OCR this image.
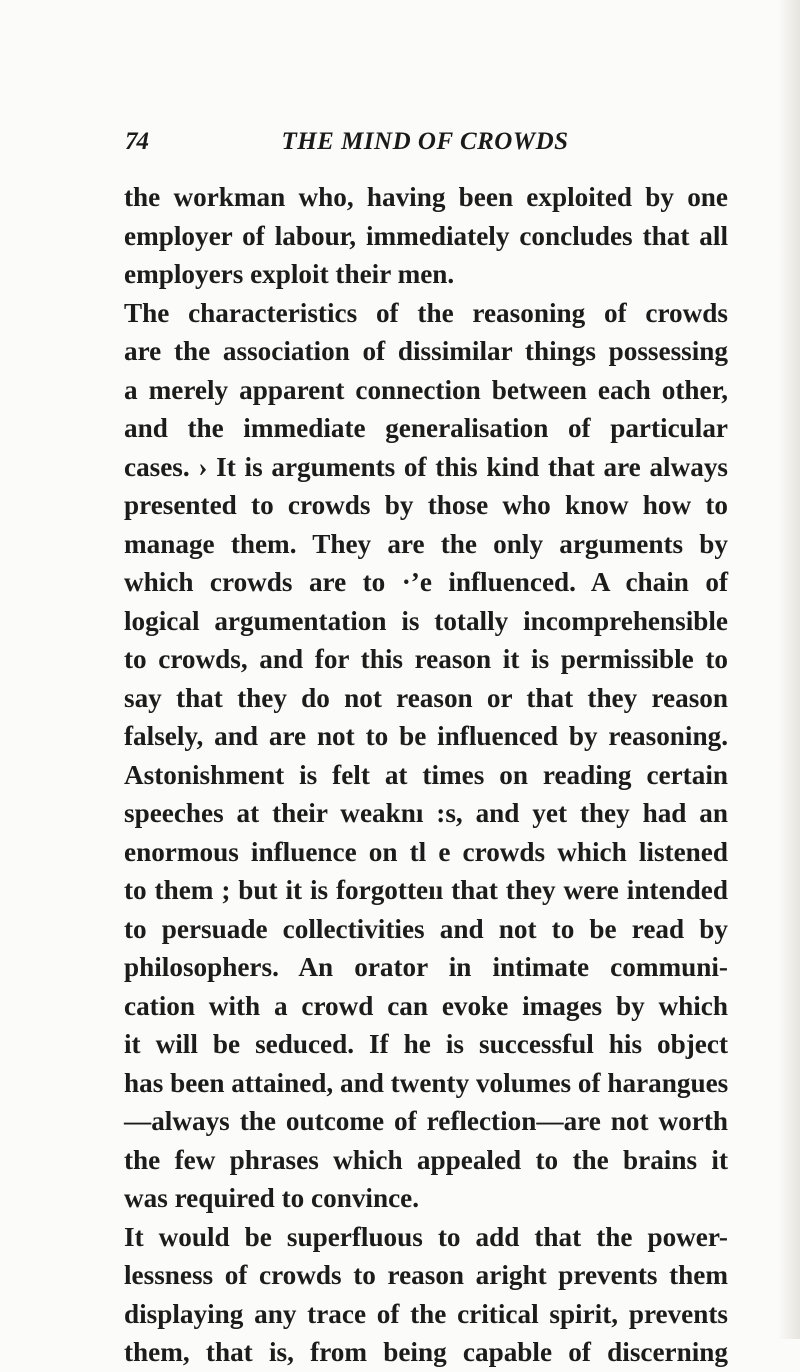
74	THE MIND OF CROWDS
the workman who, having been exploited by one
employer of labour, immediately concludes that all
employers exploit their men.
The characteristics of the reasoning of crowds
are the association of dissimilar things possessing
a merely apparent connection between each other,
and the immediate generalisation of particular
cases. › It is arguments of this kind that are always
presented to crowds by those who know how to
manage them. They are the only arguments by
which crowds are to ·’e influenced. A chain of
logical argumentation is totally incomprehensible
to crowds, and for this reason it is permissible to
say that they do not reason or that they reason
falsely, and are not to be influenced by reasoning.
Astonishment is felt at times on reading certain
speeches at their weaknı :s, and yet they had an
enormous influence on tl e crowds which listened
to them ; but it is forgotteıı that they were intended
to persuade collectivities and not to be read by
philosophers. An orator in intimate communi-
cation with a crowd can evoke images by which
it will be seduced. If he is successful his object
has been attained, and twenty volumes of harangues
—always the outcome of reflection—are not worth
the few phrases which appealed to the brains it
was required to convince.
It would be superfluous to add that the power-
lessness of crowds to reason aright prevents them
displaying any trace of the critical spirit, prevents
them, that is, from being capable of discerning
